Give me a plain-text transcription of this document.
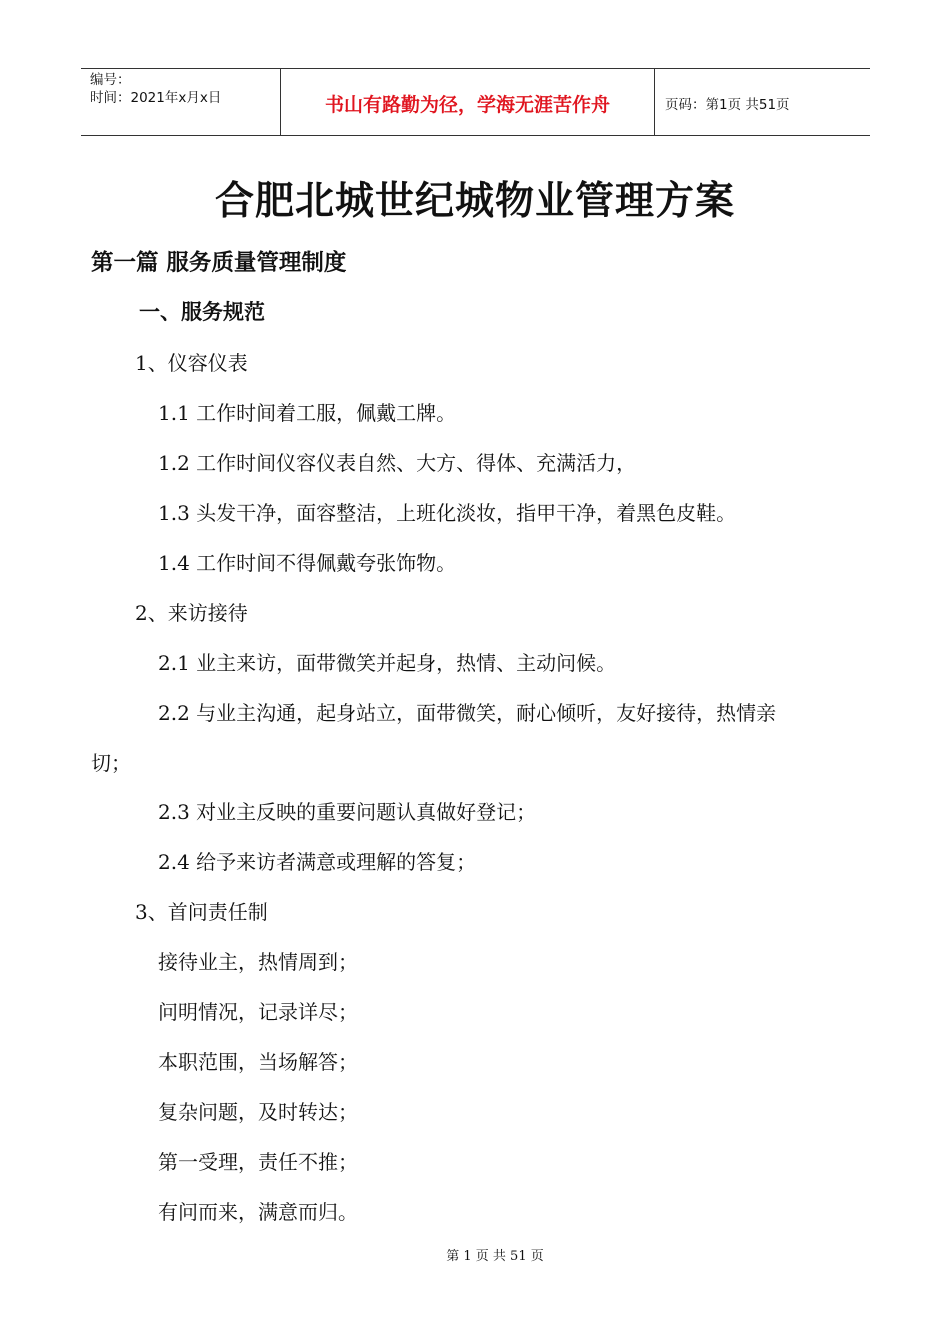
编号：
时间：2021年x月x日	书山有路勤为径，学海无涯苦作舟	页码：第1页 共51页
合肥北城世纪城物业管理方案
第一篇 服务质量管理制度
一、服务规范
1、仪容仪表
1.1 工作时间着工服，佩戴工牌。
1.2 工作时间仪容仪表自然、大方、得体、充满活力，
1.3 头发干净，面容整洁，上班化淡妆，指甲干净，着黑色皮鞋。
1.4 工作时间不得佩戴夸张饰物。
2、来访接待
2.1 业主来访，面带微笑并起身，热情、主动问候。
2.2 与业主沟通，起身站立，面带微笑，耐心倾听，友好接待，热情亲
切；
2.3 对业主反映的重要问题认真做好登记；
2.4 给予来访者满意或理解的答复；
3、首问责任制
接待业主，热情周到；
问明情况，记录详尽；
本职范围，当场解答；
复杂问题，及时转达；
第一受理，责任不推；
有问而来，满意而归。
第 1 页 共 51 页
